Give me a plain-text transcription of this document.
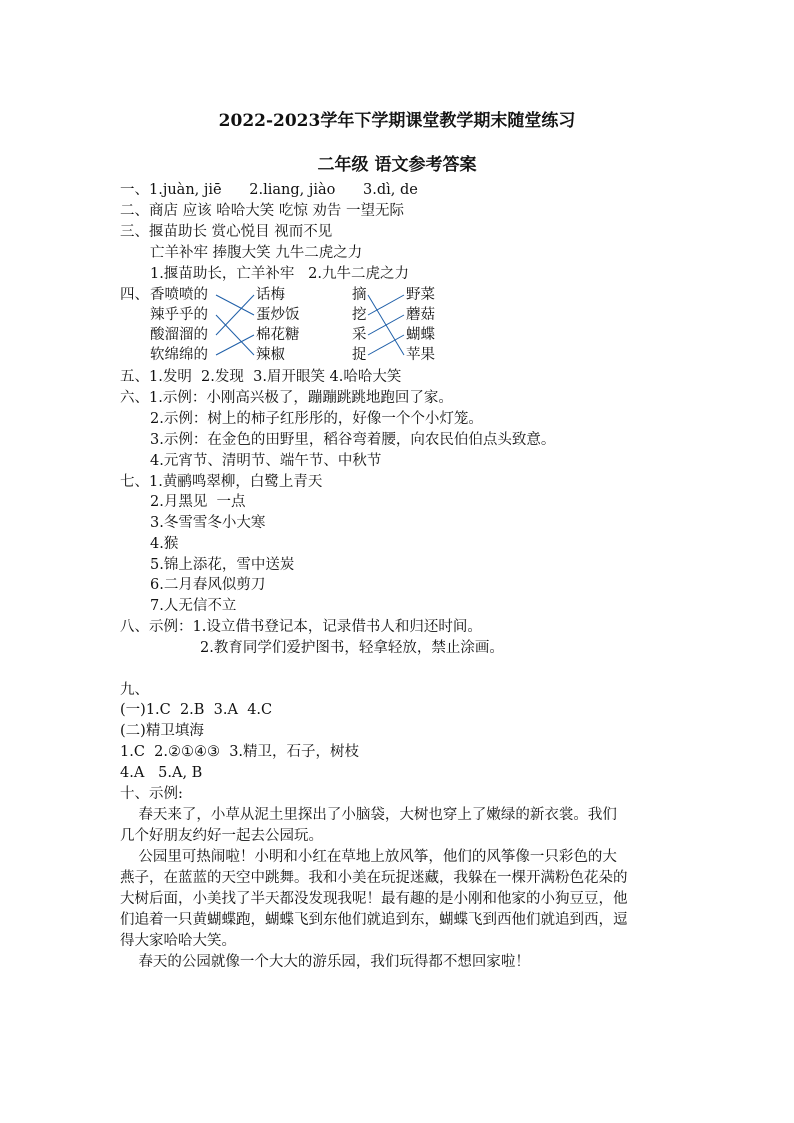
2022-2023学年下学期课堂教学期末随堂练习
二年级 语文参考答案
一、1.juàn, jiē      2.liang, jiào      3.dì, de
二、商店 应该 哈哈大笑 吃惊 劝告 一望无际
三、揠苗助长 赏心悦目 视而不见
亡羊补牢 捧腹大笑 九牛二虎之力
1.揠苗助长，亡羊补牢   2.九牛二虎之力
四、 香喷喷的
辣乎乎的
酸溜溜的
软绵绵的
话梅
蛋炒饭
棉花糖
辣椒
摘
挖
采
捉
野菜
蘑菇
蝴蝶
苹果
五、1.发明  2.发现  3.眉开眼笑 4.哈哈大笑
六、1.示例：小刚高兴极了，蹦蹦跳跳地跑回了家。
2.示例：树上的柿子红彤彤的，好像一个个小灯笼。
3.示例：在金色的田野里，稻谷弯着腰，向农民伯伯点头致意。
4.元宵节、清明节、端午节、中秋节
七、1.黄鹂鸣翠柳，白鹭上青天
2.月黑见  一点
3.冬雪雪冬小大寒
4.猴
5.锦上添花，雪中送炭
6.二月春风似剪刀
7.人无信不立
八、示例：1.设立借书登记本，记录借书人和归还时间。
2.教育同学们爱护图书，轻拿轻放，禁止涂画。
九、
(一)1.C  2.B  3.A  4.C
(二)精卫填海
1.C  2.②①④③  3.精卫，石子，树枝
4.A   5.A, B
十、示例:
春天来了，小草从泥土里探出了小脑袋，大树也穿上了嫩绿的新衣裳。我们
几个好朋友约好一起去公园玩。
公园里可热闹啦！小明和小红在草地上放风筝，他们的风筝像一只彩色的大
燕子，在蓝蓝的天空中跳舞。我和小美在玩捉迷藏，我躲在一棵开满粉色花朵的
大树后面，小美找了半天都没发现我呢！最有趣的是小刚和他家的小狗豆豆，他
们追着一只黄蝴蝶跑，蝴蝶飞到东他们就追到东，蝴蝶飞到西他们就追到西，逗
得大家哈哈大笑。
春天的公园就像一个大大的游乐园，我们玩得都不想回家啦！
